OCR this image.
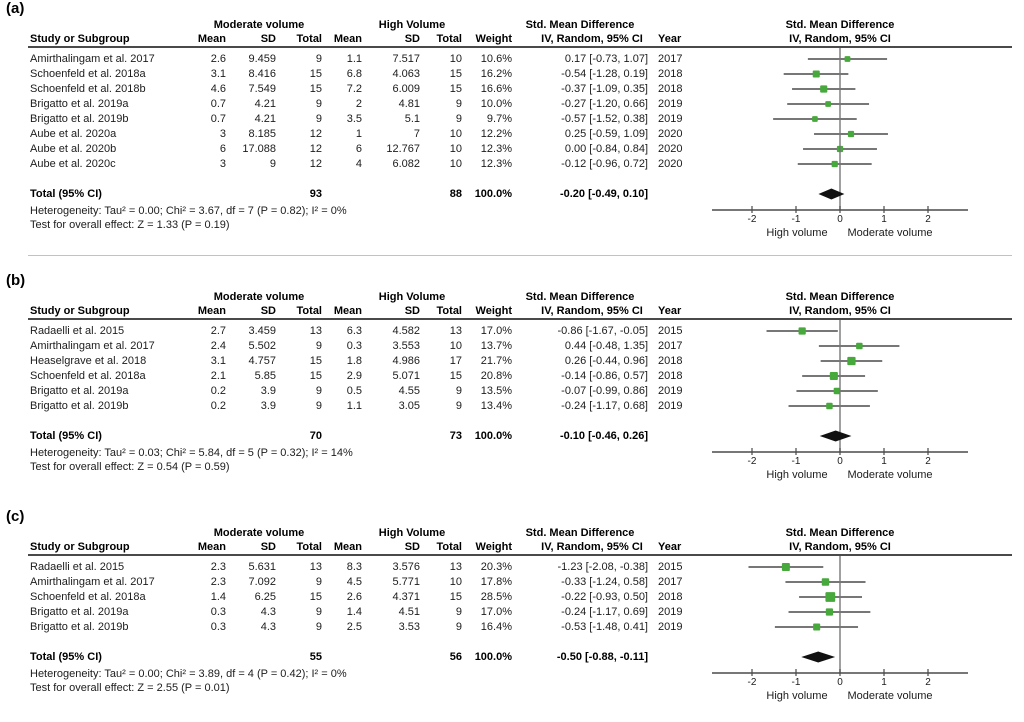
(a)
Moderate volume	High Volume	Std. Mean Difference	Std. Mean Difference
Study or Subgroup	Mean	SD	Total	Mean	SD	Total	Weight	IV, Random, 95% CI	Year	IV, Random, 95% CI
Amirthalingam et al. 2017	2.6	9.459	9	1.1	7.517	10	10.6%	0.17 [-0.73, 1.07] 2017
Schoenfeld et al. 2018a	3.1	8.416	15	6.8	4.063	15	16.2%	-0.54 [-1.28, 0.19] 2018
Schoenfeld et al. 2018b	4.6	7.549	15	7.2	6.009	15	16.6%	-0.37 [-1.09, 0.35] 2018
Brigatto et al. 2019a	0.7	4.21	9	2	4.81	9	10.0%	-0.27 [-1.20, 0.66] 2019
Brigatto et al. 2019b	0.7	4.21	9	3.5	5.1	9	9.7%	-0.57 [-1.52, 0.38] 2019
Aube et al. 2020a	3	8.185	12	1	7	10	12.2%	0.25 [-0.59, 1.09] 2020
Aube et al. 2020b	6	17.088	12	6	12.767	10	12.3%	0.00 [-0.84, 0.84] 2020
Aube et al. 2020c	3	9	12	4	6.082	10	12.3%	-0.12 [-0.96, 0.72] 2020
Total (95% CI)	93	88	100.0%	-0.20 [-0.49, 0.10]
Heterogeneity: Tau² = 0.00; Chi² = 3.67, df = 7 (P = 0.82); I² = 0%
Test for overall effect: Z = 1.33 (P = 0.19)	-2	-1	0	1	2
High volume	Moderate volume
(b)
Moderate volume	High Volume	Std. Mean Difference	Std. Mean Difference
Study or Subgroup	Mean	SD	Total	Mean	SD	Total	Weight	IV, Random, 95% CI	Year	IV, Random, 95% CI
Radaelli et al. 2015	2.7	3.459	13	6.3	4.582	13	17.0%	-0.86 [-1.67, -0.05] 2015
Amirthalingam et al. 2017	2.4	5.502	9	0.3	3.553	10	13.7%	0.44 [-0.48, 1.35] 2017
Heaselgrave et al. 2018	3.1	4.757	15	1.8	4.986	17	21.7%	0.26 [-0.44, 0.96] 2018
Schoenfeld et al. 2018a	2.1	5.85	15	2.9	5.071	15	20.8%	-0.14 [-0.86, 0.57] 2018
Brigatto et al. 2019a	0.2	3.9	9	0.5	4.55	9	13.5%	-0.07 [-0.99, 0.86] 2019
Brigatto et al. 2019b	0.2	3.9	9	1.1	3.05	9	13.4%	-0.24 [-1.17, 0.68] 2019
Total (95% CI)	70	73	100.0%	-0.10 [-0.46, 0.26]
Heterogeneity: Tau² = 0.03; Chi² = 5.84, df = 5 (P = 0.32); I² = 14%
Test for overall effect: Z = 0.54 (P = 0.59)	-2	-1	0	1	2
High volume	Moderate volume
(c)
Moderate volume	High Volume	Std. Mean Difference	Std. Mean Difference
Study or Subgroup	Mean	SD	Total	Mean	SD	Total	Weight	IV, Random, 95% CI	Year	IV, Random, 95% CI
Radaelli et al. 2015	2.3	5.631	13	8.3	3.576	13	20.3%	-1.23 [-2.08, -0.38] 2015
Amirthalingam et al. 2017	2.3	7.092	9	4.5	5.771	10	17.8%	-0.33 [-1.24, 0.58] 2017
Schoenfeld et al. 2018a	1.4	6.25	15	2.6	4.371	15	28.5%	-0.22 [-0.93, 0.50] 2018
Brigatto et al. 2019a	0.3	4.3	9	1.4	4.51	9	17.0%	-0.24 [-1.17, 0.69] 2019
Brigatto et al. 2019b	0.3	4.3	9	2.5	3.53	9	16.4%	-0.53 [-1.48, 0.41] 2019
Total (95% CI)	55	56	100.0%	-0.50 [-0.88, -0.11]
Heterogeneity: Tau² = 0.00; Chi² = 3.89, df = 4 (P = 0.42); I² = 0%
Test for overall effect: Z = 2.55 (P = 0.01)	-2	-1	0	1	2
High volume	Moderate volume
